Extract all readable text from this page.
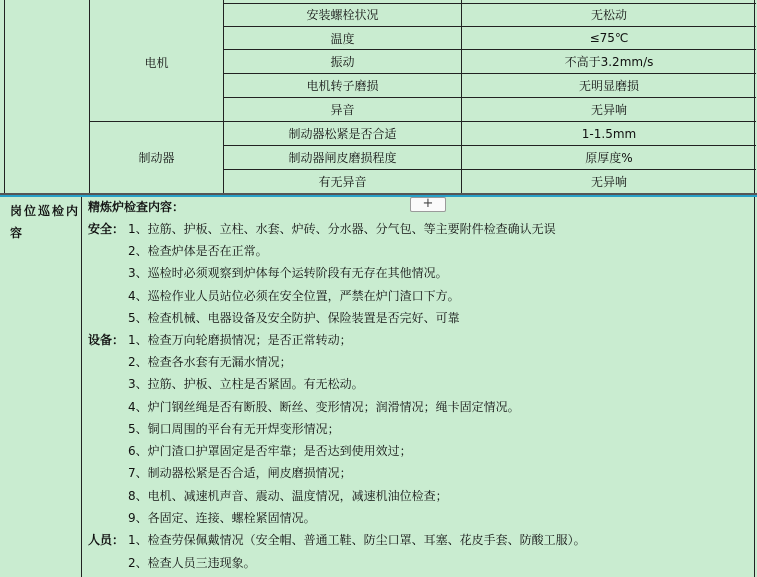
电机
制动器
安装螺栓状况	无松动
温度	≤75℃
振动	不高于3.2mm/s
电机转子磨损	无明显磨损
异音	无异响
制动器松紧是否合适	1-1.5mm
制动器闸皮磨损程度	原厚度%
有无异音	无异响
岗位巡检内容
+
精炼炉检查内容：
安全： 1、拉筋、护板、立柱、水套、炉砖、分水器、分气包、等主要附件检查确认无误
2、检查炉体是否在正常。
3、巡检时必须观察到炉体每个运转阶段有无存在其他情况。
4、巡检作业人员站位必须在安全位置，严禁在炉门渣口下方。
5、检查机械、电器设备及安全防护、保险装置是否完好、可靠
设备： 1、检查万向轮磨损情况；是否正常转动；
2、检查各水套有无漏水情况；
3、拉筋、护板、立柱是否紧固。有无松动。
4、炉门钢丝绳是否有断股、断丝、变形情况；润滑情况；绳卡固定情况。
5、铜口周围的平台有无开焊变形情况；
6、炉门渣口护罩固定是否牢靠；是否达到使用效过；
7、制动器松紧是否合适，闸皮磨损情况；
8、电机、减速机声音、震动、温度情况，减速机油位检查；
9、各固定、连接、螺栓紧固情况。
人员： 1、检查劳保佩戴情况（安全帽、普通工鞋、防尘口罩、耳塞、花皮手套、防酸工服）。
2、检查人员三违现象。
